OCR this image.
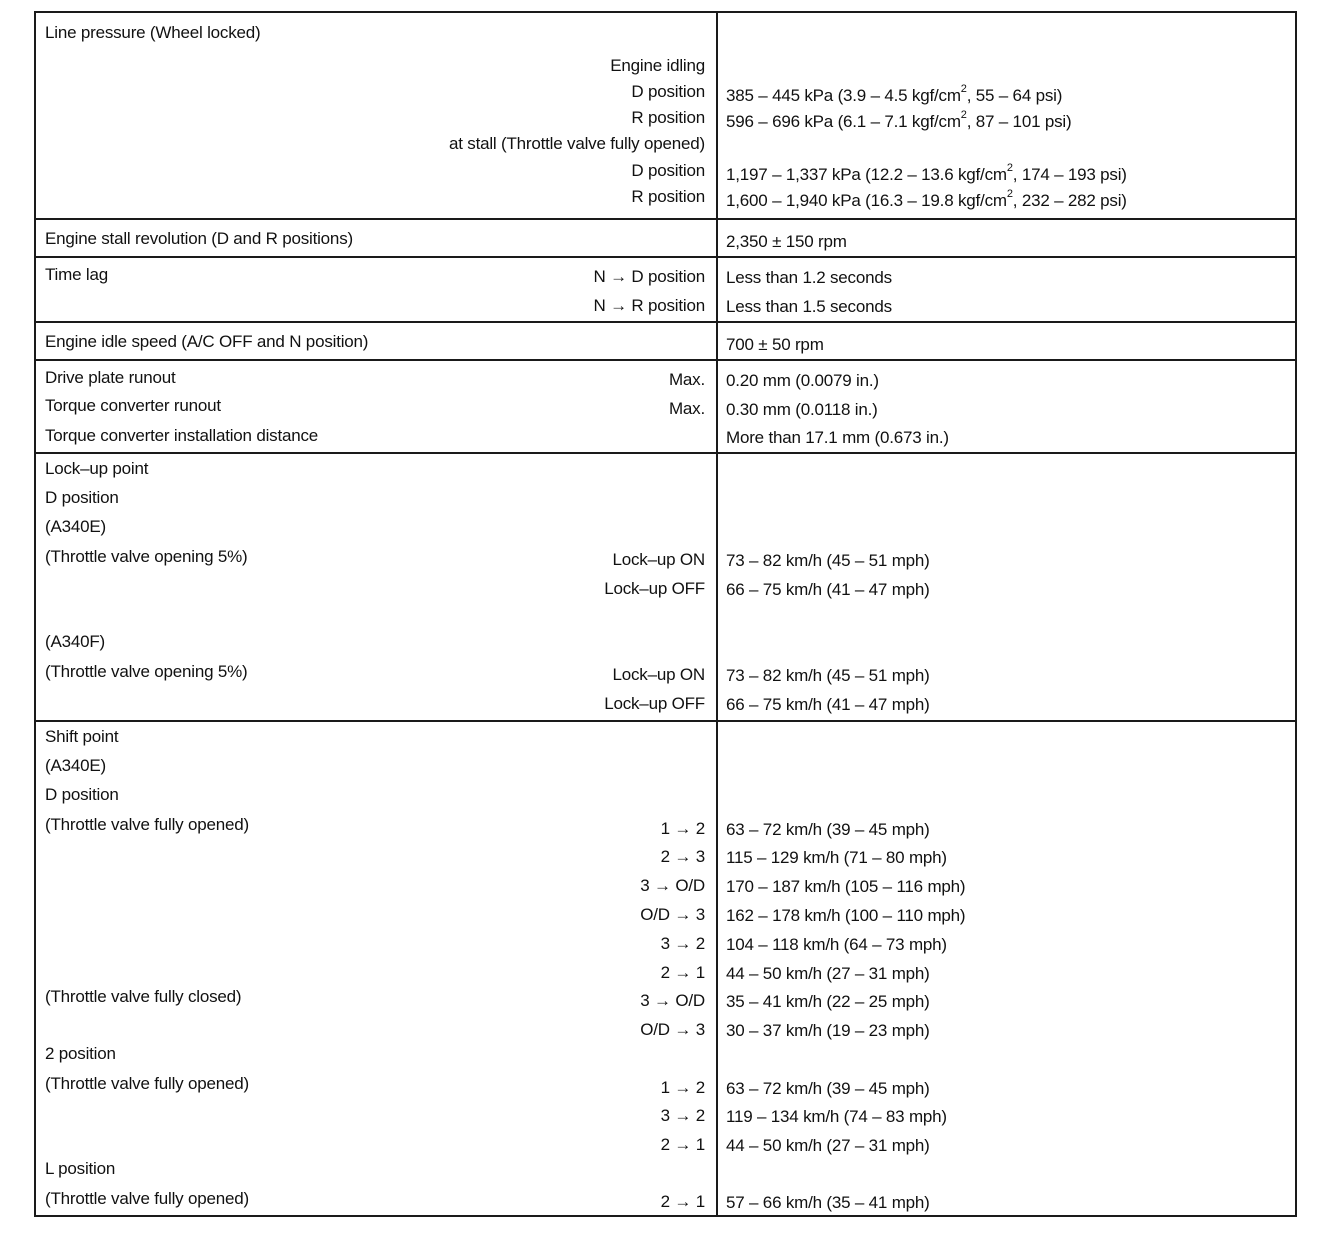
Line pressure (Wheel locked)
Engine idling
D position 385 – 445 kPa (3.9 – 4.5 kgf/$cm^2$, 55 – 64 psi)
R position 596 – 696 kPa (6.1 – 7.1 kgf/$cm^2$, 87 – 101 psi)
at stall (Throttle valve fully opened)
D position 1,197 – 1,337 kPa (12.2 – 13.6 kgf/$cm^2$, 174 – 193 psi)
R position 1,600 – 1,940 kPa (16.3 – 19.8 kgf/$cm^2$, 232 – 282 psi)
Engine stall revolution (D and R positions)	2,350 ± 150 rpm
Time lag	N → D position Less than 1.2 seconds
N → R position Less than 1.5 seconds
Engine idle speed (A/C OFF and N position)	700 ± 50 rpm
Drive plate runout	Max. 0.20 mm (0.0079 in.)
Torque converter runout	Max. 0.30 mm (0.0118 in.)
Torque converter installation distance	More than 17.1 mm (0.673 in.)
Lock–up point
D position
(A340E)
(Throttle valve opening 5%)	Lock–up ON 73 – 82 km/h (45 – 51 mph)
Lock–up OFF 66 – 75 km/h (41 – 47 mph)
(A340F)
(Throttle valve opening 5%)	Lock–up ON 73 – 82 km/h (45 – 51 mph)
Lock–up OFF 66 – 75 km/h (41 – 47 mph)
Shift point
(A340E)
D position
(Throttle valve fully opened)	1 → 2 63 – 72 km/h (39 – 45 mph)
2 → 3 115 – 129 km/h (71 – 80 mph)
3 → O/D 170 – 187 km/h (105 – 116 mph)
O/D → 3 162 – 178 km/h (100 – 110 mph)
3 → 2 104 – 118 km/h (64 – 73 mph)
2 → 1 44 – 50 km/h (27 – 31 mph)
(Throttle valve fully closed)	3 → O/D 35 – 41 km/h (22 – 25 mph)
O/D → 3 30 – 37 km/h (19 – 23 mph)
2 position
(Throttle valve fully opened)	1 → 2 63 – 72 km/h (39 – 45 mph)
3 → 2 119 – 134 km/h (74 – 83 mph)
2 → 1 44 – 50 km/h (27 – 31 mph)
L position
(Throttle valve fully opened)	2 → 1 57 – 66 km/h (35 – 41 mph)
